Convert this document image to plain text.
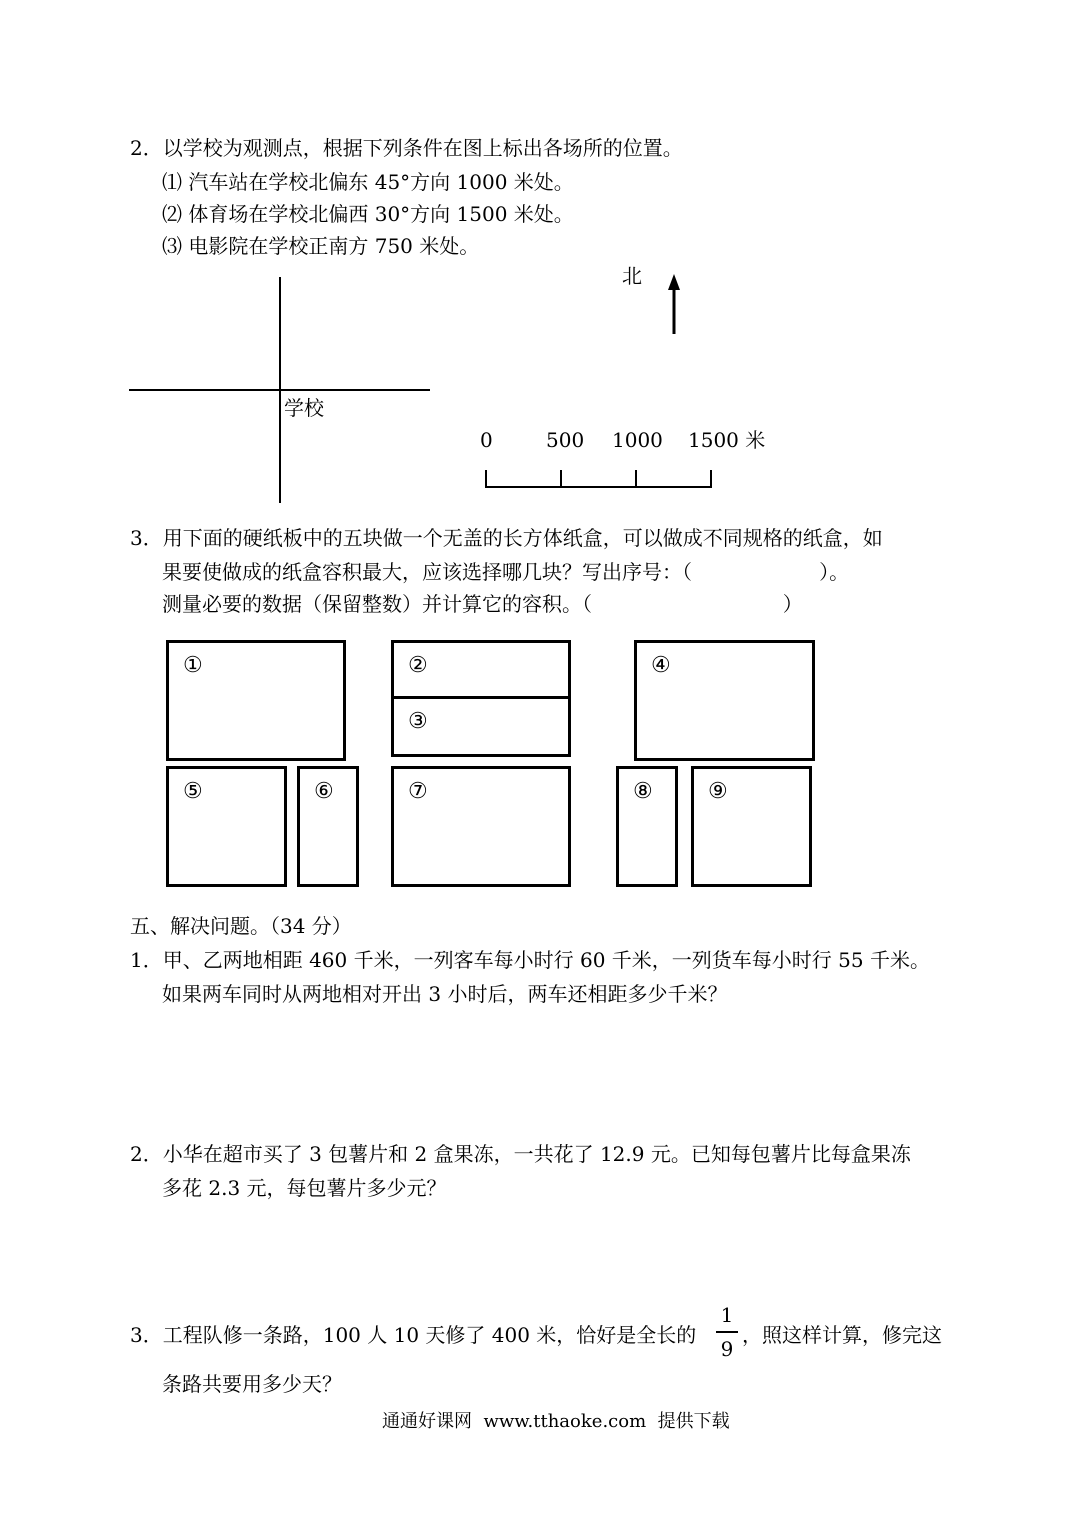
2．以学校为观测点，根据下列条件在图上标出各场所的位置。
⑴ 汽车站在学校北偏东 45°方向 1000 米处。
⑵ 体育场在学校北偏西 30°方向 1500 米处。
⑶ 电影院在学校正南方 750 米处。
学校
北
0	500 1000 1500 米
3．用下面的硬纸板中的五块做一个无盖的长方体纸盒，可以做成不同规格的纸盒，如
果要使做成的纸盒容积最大，应该选择哪几块？写出序号：（                    ）。
测量必要的数据（保留整数）并计算它的容积。（                              ）
①	②
③
④
⑤	⑥	⑦	⑧	⑨
五、解决问题。（34 分）
1．甲、乙两地相距 460 千米，一列客车每小时行 60 千米，一列货车每小时行 55 千米。
如果两车同时从两地相对开出 3 小时后，两车还相距多少千米？
2．小华在超市买了 3 包薯片和 2 盒果冻，一共花了 12.9 元。已知每包薯片比每盒果冻
多花 2.3 元，每包薯片多少元？
3．工程队修一条路，100 人 10 天修了 400 米，恰好是全长的
1
9
，照这样计算，修完这
条路共要用多少天？
通通好课网  www.tthaoke.com  提供下载
